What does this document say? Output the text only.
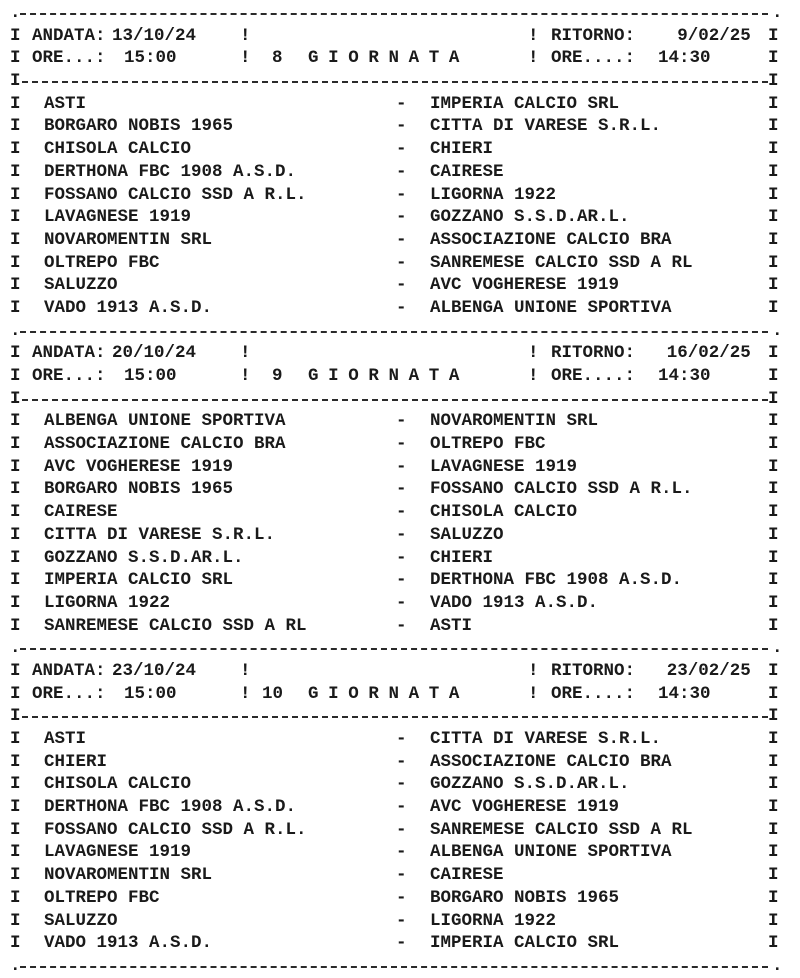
.	.
I ANDATA: 13/10/24	!	! RITORNO: 9/02/25 I
I ORE...: 15:00	! 8 GIORNATA	! ORE....: 14:30	I
I	I
I ASTI	- IMPERIA CALCIO SRL	I
I BORGARO NOBIS 1965	- CITTA DI VARESE S.R.L.	I
I CHISOLA CALCIO	- CHIERI	I
I DERTHONA FBC 1908 A.S.D.	- CAIRESE	I
I FOSSANO CALCIO SSD A R.L.	- LIGORNA 1922	I
I LAVAGNESE 1919	- GOZZANO S.S.D.AR.L.	I
I NOVAROMENTIN SRL	- ASSOCIAZIONE CALCIO BRA	I
I OLTREPO FBC	- SANREMESE CALCIO SSD A RL	I
I SALUZZO	- AVC VOGHERESE 1919	I
I VADO 1913 A.S.D.	- ALBENGA UNIONE SPORTIVA	I
.	.
I ANDATA: 20/10/24	!	! RITORNO: 16/02/25 I
I ORE...: 15:00	! 9 GIORNATA	! ORE....: 14:30	I
I	I
I ALBENGA UNIONE SPORTIVA	- NOVAROMENTIN SRL	I
I ASSOCIAZIONE CALCIO BRA	- OLTREPO FBC	I
I AVC VOGHERESE 1919	- LAVAGNESE 1919	I
I BORGARO NOBIS 1965	- FOSSANO CALCIO SSD A R.L.	I
I CAIRESE	- CHISOLA CALCIO	I
I CITTA DI VARESE S.R.L.	- SALUZZO	I
I GOZZANO S.S.D.AR.L.	- CHIERI	I
I IMPERIA CALCIO SRL	- DERTHONA FBC 1908 A.S.D.	I
I LIGORNA 1922	- VADO 1913 A.S.D.	I
I SANREMESE CALCIO SSD A RL	- ASTI	I
.	.
I ANDATA: 23/10/24	!	! RITORNO: 23/02/25 I
I ORE...: 15:00	! 10 GIORNATA	! ORE....: 14:30	I
I	I
I ASTI	- CITTA DI VARESE S.R.L.	I
I CHIERI	- ASSOCIAZIONE CALCIO BRA	I
I CHISOLA CALCIO	- GOZZANO S.S.D.AR.L.	I
I DERTHONA FBC 1908 A.S.D.	- AVC VOGHERESE 1919	I
I FOSSANO CALCIO SSD A R.L.	- SANREMESE CALCIO SSD A RL	I
I LAVAGNESE 1919	- ALBENGA UNIONE SPORTIVA	I
I NOVAROMENTIN SRL	- CAIRESE	I
I OLTREPO FBC	- BORGARO NOBIS 1965	I
I SALUZZO	- LIGORNA 1922	I
I VADO 1913 A.S.D.	- IMPERIA CALCIO SRL	I
.	.
